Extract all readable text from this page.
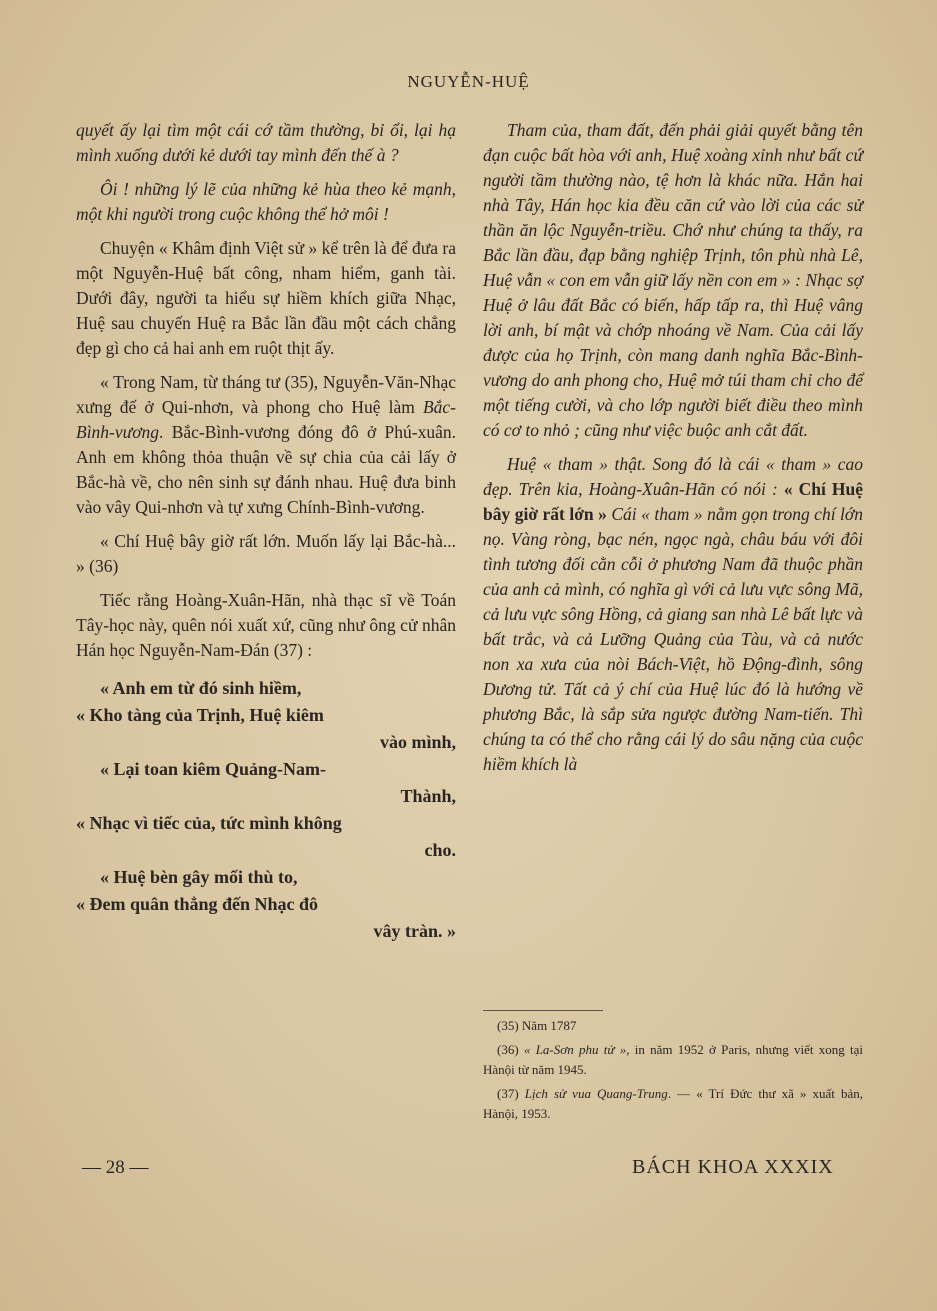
NGUYỄN-HUỆ

quyết ấy lại tìm một cái cớ tầm thường, bỉ ổi, lại hạ mình xuống dưới kẻ dưới tay mình đến thế à ?

Ôi ! những lý lẽ của những kẻ hùa theo kẻ mạnh, một khi người trong cuộc không thể hở môi !

Chuyện « Khâm định Việt sử » kể trên là để đưa ra một Nguyễn-Huệ bất công, nham hiểm, ganh tài. Dưới đây, người ta hiểu sự hiềm khích giữa Nhạc, Huệ sau chuyến Huệ ra Bắc lần đầu một cách chẳng đẹp gì cho cả hai anh em ruột thịt ấy.

« Trong Nam, từ tháng tư (35), Nguyễn-Văn-Nhạc xưng đế ở Qui-nhơn, và phong cho Huệ làm Bắc-Bình-vương. Bắc-Bình-vương đóng đô ở Phú-xuân. Anh em không thỏa thuận về sự chia của cải lấy ở Bắc-hà về, cho nên sinh sự đánh nhau. Huệ đưa binh vào vây Qui-nhơn và tự xưng Chính-Bình-vương.

« Chí Huệ bây giờ rất lớn. Muốn lấy lại Bắc-hà... » (36)

Tiếc rằng Hoàng-Xuân-Hãn, nhà thạc sĩ về Toán Tây-học này, quên nói xuất xứ, cũng như ông cử nhân Hán học Nguyễn-Nam-Đán (37) :

« Anh em từ đó sinh hiềm,
« Kho tàng của Trịnh, Huệ kiêm
vào mình,
« Lại toan kiêm Quảng-Nam-
Thành,
« Nhạc vì tiếc của, tức mình không
cho.
« Huệ bèn gây mối thù to,
« Đem quân thẳng đến Nhạc đô
vây tràn. »

Tham của, tham đất, đến phải giải quyết bằng tên đạn cuộc bất hòa với anh, Huệ xoàng xỉnh như bất cứ người tầm thường nào, tệ hơn là khác nữa. Hắn hai nhà Tây, Hán học kia đều căn cứ vào lời của các sử thần ăn lộc Nguyễn-triều. Chớ như chúng ta thấy, ra Bắc lần đầu, đạp bằng nghiệp Trịnh, tôn phù nhà Lê, Huệ vẫn « con em vẫn giữ lấy nền con em » : Nhạc sợ Huệ ở lâu đất Bắc có biến, hấp tấp ra, thì Huệ vâng lời anh, bí mật và chớp nhoáng về Nam. Của cải lấy được của họ Trịnh, còn mang danh nghĩa Bắc-Bình-vương do anh phong cho, Huệ mở túi tham chỉ cho để một tiếng cười, và cho lớp người biết điều theo mình có cơ to nhỏ ; cũng như việc buộc anh cắt đất.

Huệ « tham » thật. Song đó là cái « tham » cao đẹp. Trên kia, Hoàng-Xuân-Hãn có nói : « Chí Huệ bây giờ rất lớn » Cái « tham » nằm gọn trong chí lớn nọ. Vàng ròng, bạc nén, ngọc ngà, châu báu với đôi tình tương đối cằn cỗi ở phương Nam đã thuộc phần của anh cả mình, có nghĩa gì với cả lưu vực sông Mã, cả lưu vực sông Hồng, cả giang san nhà Lê bất lực và bất trắc, và cả Lưỡng Quảng của Tàu, và cả nước non xa xưa của nòi Bách-Việt, hồ Động-đình, sông Dương tử. Tất cả ý chí của Huệ lúc đó là hướng về phương Bắc, là sắp sửa ngược đường Nam-tiến. Thì chúng ta có thể cho rằng cái lý do sâu nặng của cuộc hiềm khích là

(35) Năm 1787

(36) « La-Sơn phu tử », in năm 1952 ở Paris, nhưng viết xong tại Hànội từ năm 1945.

(37) Lịch sử vua Quang-Trung. — « Trí Đức thư xã » xuất bản, Hànội, 1953.

— 28 —	BÁCH KHOA XXXIX
